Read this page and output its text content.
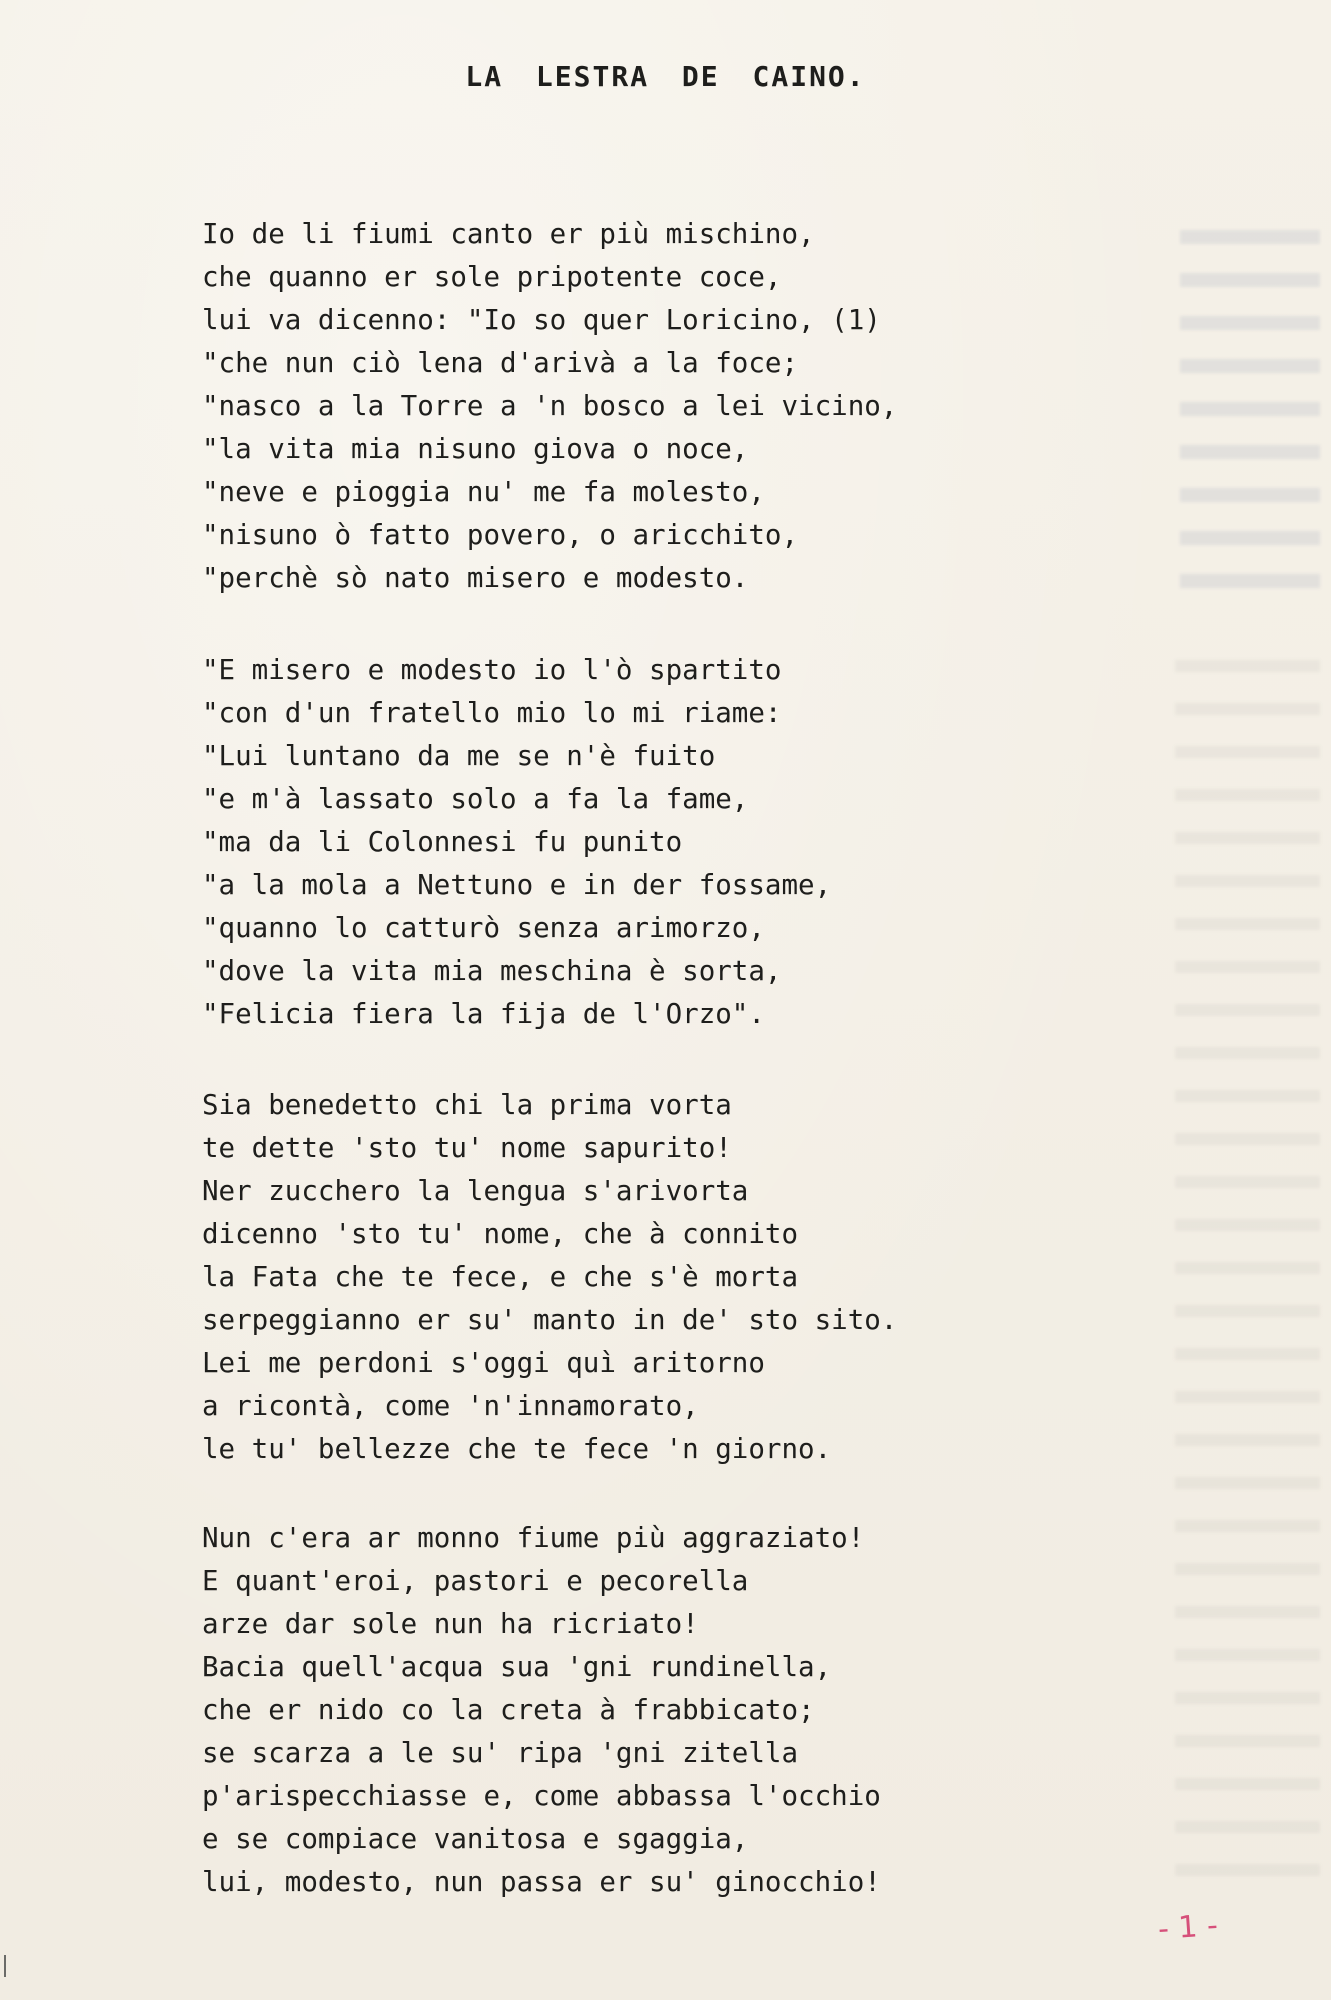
LA LESTRA DE CAINO.
Io de li fiumi canto er più mischino,
che quanno er sole pripotente coce,
lui va dicenno: "Io so quer Loricino, (1)
"che nun ciò lena d'arivà a la foce;
"nasco a la Torre a 'n bosco a lei vicino,
"la vita mia nisuno giova o noce,
"neve e pioggia nu' me fa molesto,
"nisuno ò fatto povero, o aricchito,
"perchè sò nato misero e modesto.
"E misero e modesto io l'ò spartito
"con d'un fratello mio lo mi riame:
"Lui luntano da me se n'è fuito
"e m'à lassato solo a fa la fame,
"ma da li Colonnesi fu punito
"a la mola a Nettuno e in der fossame,
"quanno lo catturò senza arimorzo,
"dove la vita mia meschina è sorta,
"Felicia fiera la fija de l'Orzo".
Sia benedetto chi la prima vorta
te dette 'sto tu' nome sapurito!
Ner zucchero la lengua s'arivorta
dicenno 'sto tu' nome, che à connito
la Fata che te fece, e che s'è morta
serpeggianno er su' manto in de' sto sito.
Lei me perdoni s'oggi quì aritorno
a ricontà, come 'n'innamorato,
le tu' bellezze che te fece 'n giorno.
Nun c'era ar monno fiume più aggraziato!
E quant'eroi, pastori e pecorella
arze dar sole nun ha ricriato!
Bacia quell'acqua sua 'gni rundinella,
che er nido co la creta à frabbicato;
se scarza a le su' ripa 'gni zitella
p'arispecchiasse e, come abbassa l'occhio
e se compiace vanitosa e sgaggia,
lui, modesto, nun passa er su' ginocchio!
- 1 -
